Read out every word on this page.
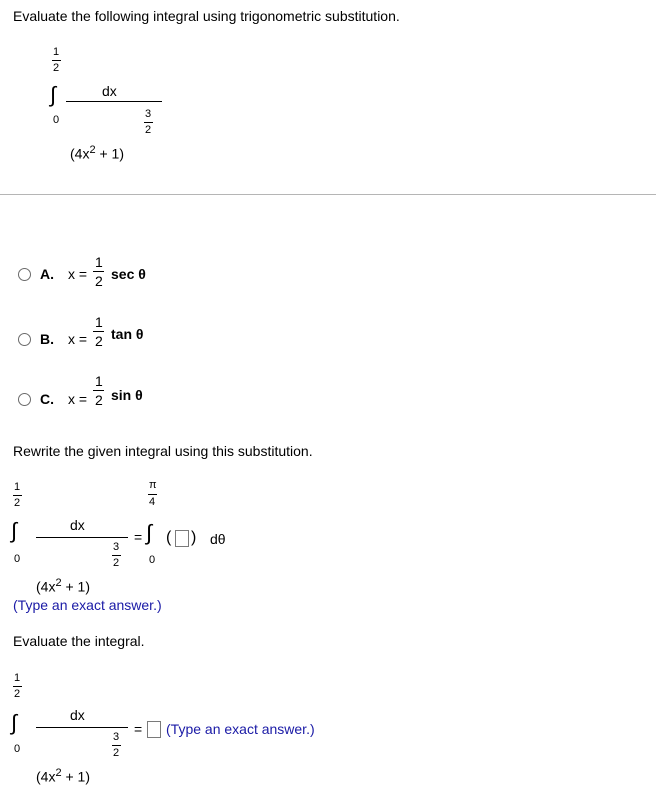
Evaluate the following integral using trigonometric substitution.
1
2
∫
0
dx
3
2
$(4x^2 + 1)$
A. x =
1
2 sec θ
B. x =
1
2 tan θ
C. x =
1
2 sin θ
Rewrite the given integral using this substitution.
1
2
∫
0
dx
3
2
$(4x^2 + 1)$
=
π
4
∫
0
( ) dθ
(Type an exact answer.)
Evaluate the integral.
1
2
∫
0
dx
3
2
$(4x^2 + 1)$
= (Type an exact answer.)
